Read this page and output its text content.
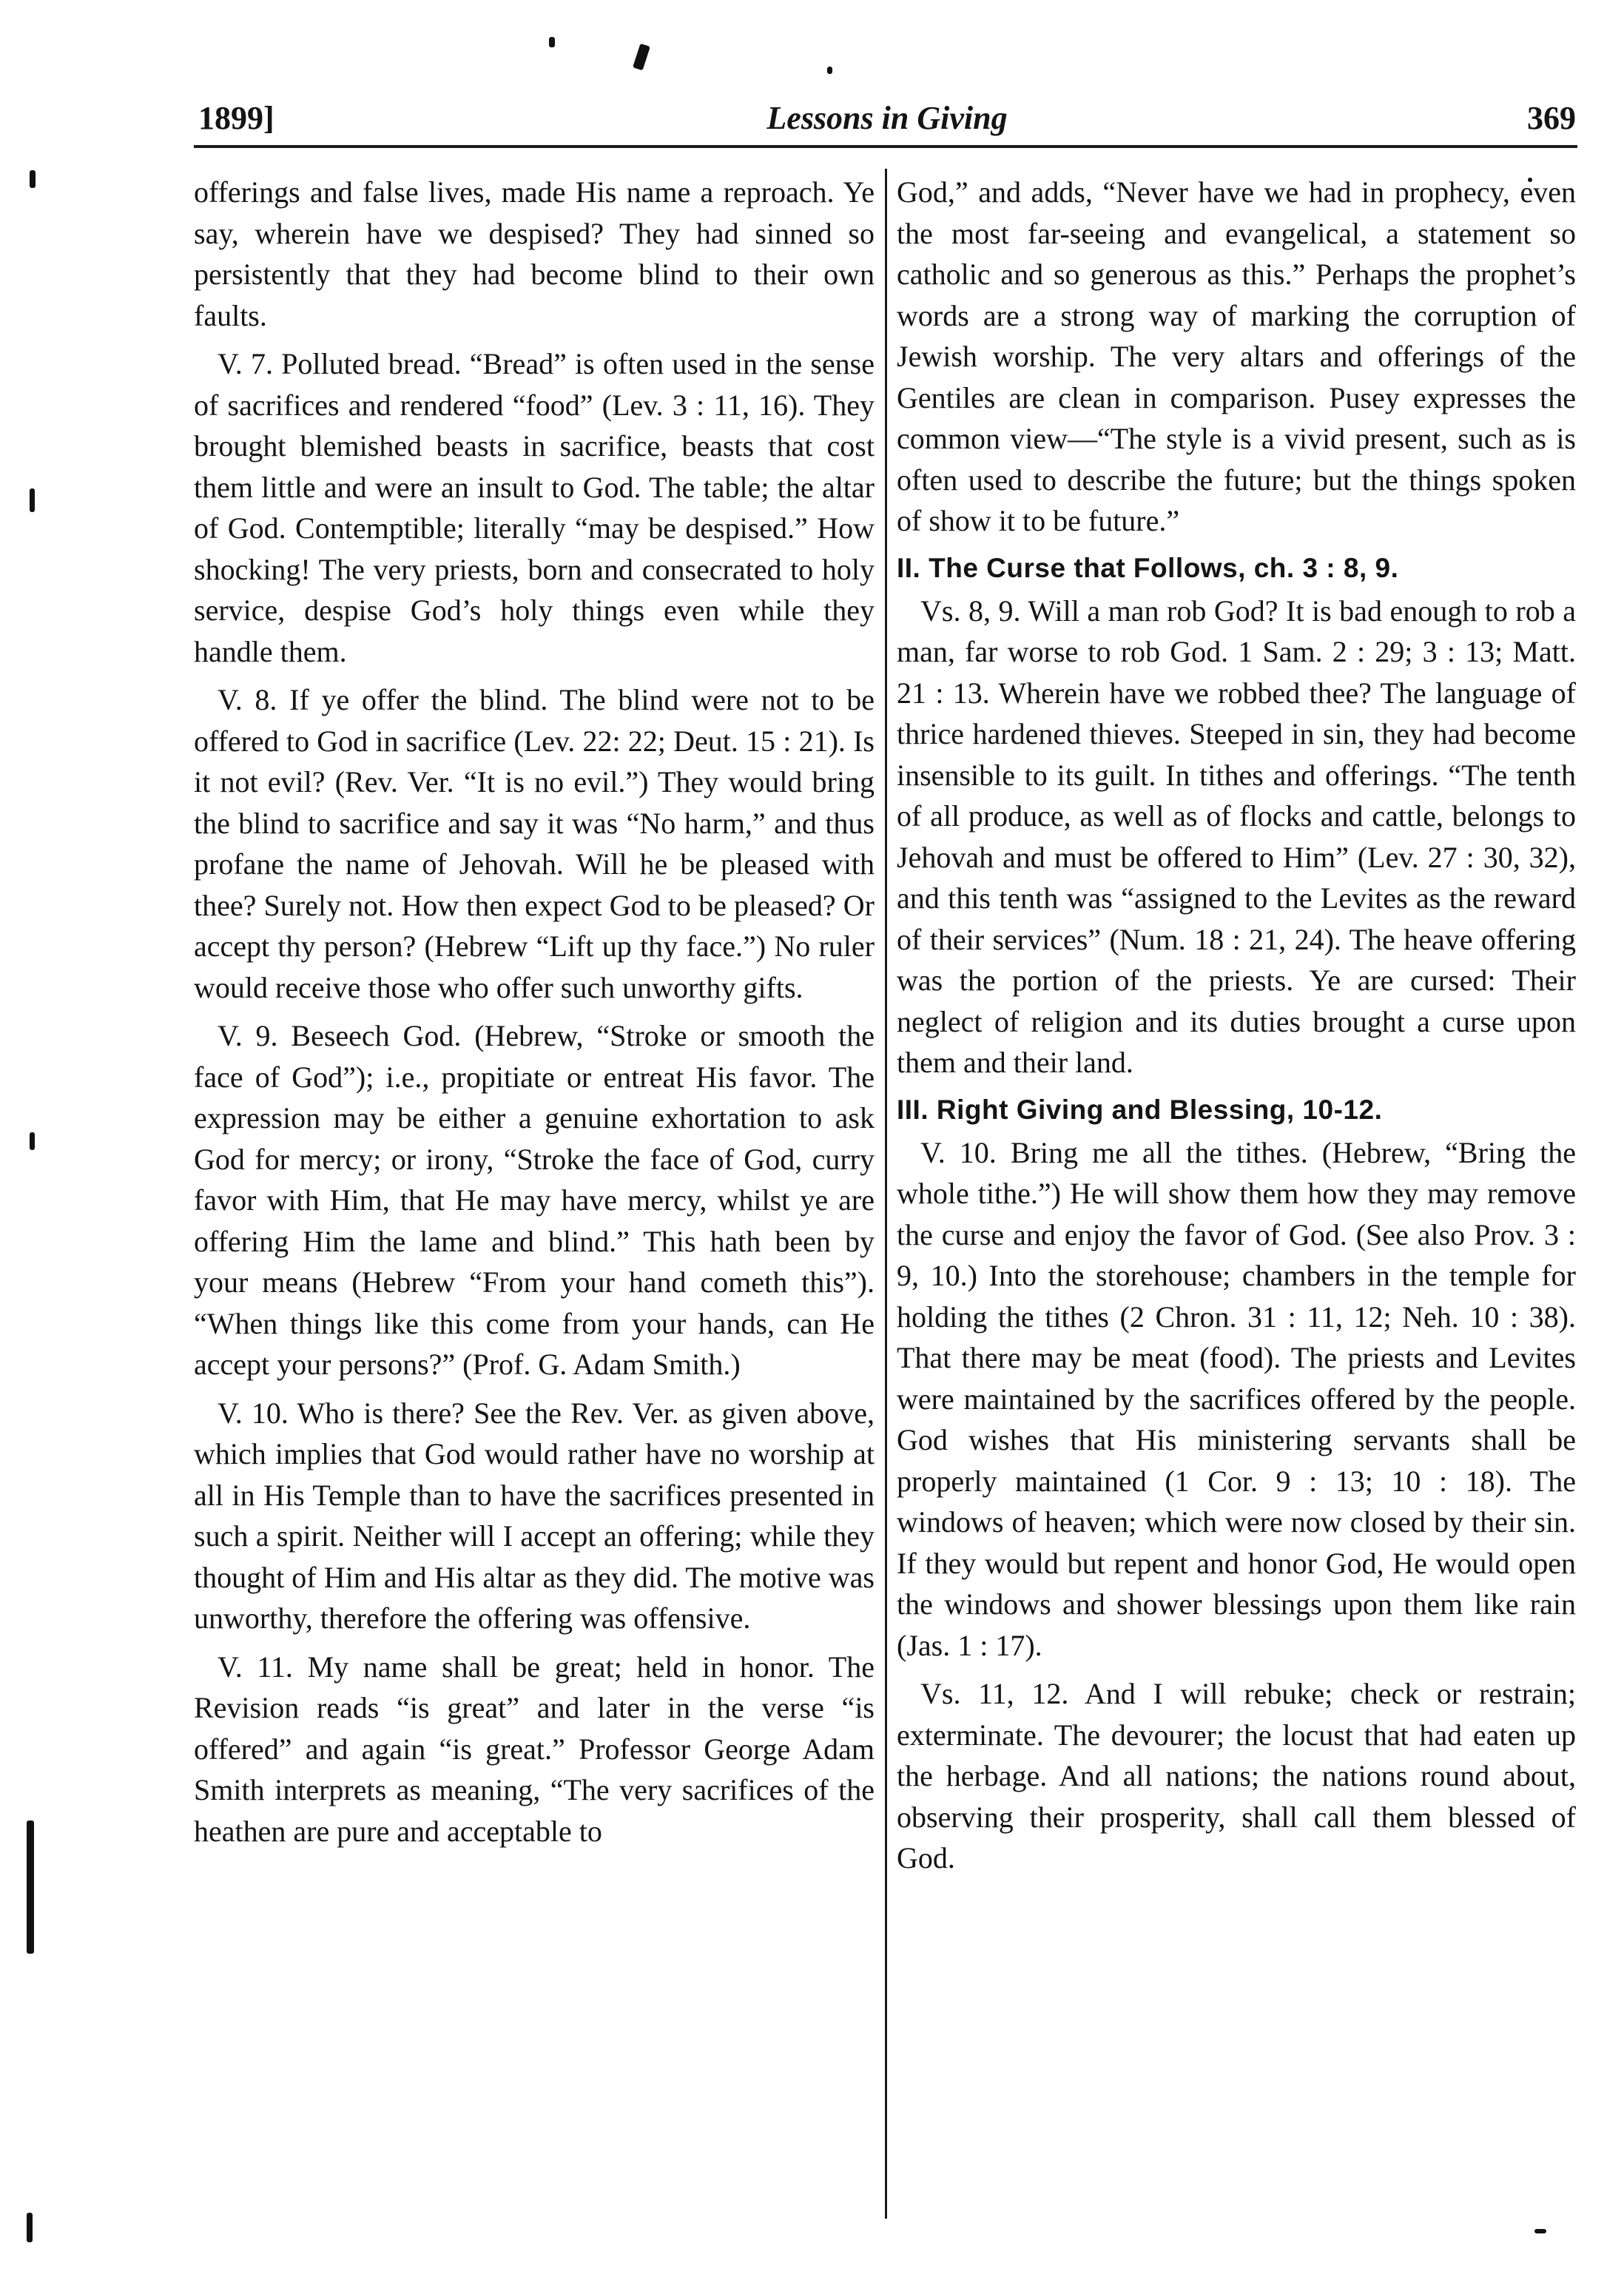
1899]	Lessons in Giving	369

offerings and false lives, made His name a reproach. Ye say, wherein have we despised? They had sinned so persistently that they had become blind to their own faults.

V. 7. Polluted bread. “Bread” is often used in the sense of sacrifices and rendered “food” (Lev. 3 : 11, 16). They brought blemished beasts in sacrifice, beasts that cost them little and were an insult to God. The table; the altar of God. Contemptible; literally “may be despised.” How shocking! The very priests, born and consecrated to holy service, despise God’s holy things even while they handle them.

V. 8. If ye offer the blind. The blind were not to be offered to God in sacrifice (Lev. 22: 22; Deut. 15 : 21). Is it not evil? (Rev. Ver. “It is no evil.”) They would bring the blind to sacrifice and say it was “No harm,” and thus profane the name of Jehovah. Will he be pleased with thee? Surely not. How then expect God to be pleased? Or accept thy person? (Hebrew “Lift up thy face.”) No ruler would receive those who offer such unworthy gifts.

V. 9. Beseech God. (Hebrew, “Stroke or smooth the face of God”); i.e., propitiate or entreat His favor. The expression may be either a genuine exhortation to ask God for mercy; or irony, “Stroke the face of God, curry favor with Him, that He may have mercy, whilst ye are offering Him the lame and blind.” This hath been by your means (Hebrew “From your hand cometh this”). “When things like this come from your hands, can He accept your persons?” (Prof. G. Adam Smith.)

V. 10. Who is there? See the Rev. Ver. as given above, which implies that God would rather have no worship at all in His Temple than to have the sacrifices presented in such a spirit. Neither will I accept an offering; while they thought of Him and His altar as they did. The motive was unworthy, therefore the offering was offensive.

V. 11. My name shall be great; held in honor. The Revision reads “is great” and later in the verse “is offered” and again “is great.” Professor George Adam Smith interprets as meaning, “The very sacrifices of the heathen are pure and acceptable to

God,” and adds, “Never have we had in prophecy, even the most far-seeing and evangelical, a statement so catholic and so generous as this.” Perhaps the prophet’s words are a strong way of marking the corruption of Jewish worship. The very altars and offerings of the Gentiles are clean in comparison. Pusey expresses the common view—“The style is a vivid present, such as is often used to describe the future; but the things spoken of show it to be future.”

II. The Curse that Follows, ch. 3 : 8, 9.

Vs. 8, 9. Will a man rob God? It is bad enough to rob a man, far worse to rob God. 1 Sam. 2 : 29; 3 : 13; Matt. 21 : 13. Wherein have we robbed thee? The language of thrice hardened thieves. Steeped in sin, they had become insensible to its guilt. In tithes and offerings. “The tenth of all produce, as well as of flocks and cattle, belongs to Jehovah and must be offered to Him” (Lev. 27 : 30, 32), and this tenth was “assigned to the Levites as the reward of their services” (Num. 18 : 21, 24). The heave offering was the portion of the priests. Ye are cursed: Their neglect of religion and its duties brought a curse upon them and their land.

III. Right Giving and Blessing, 10-12.

V. 10. Bring me all the tithes. (Hebrew, “Bring the whole tithe.”) He will show them how they may remove the curse and enjoy the favor of God. (See also Prov. 3 : 9, 10.) Into the storehouse; chambers in the temple for holding the tithes (2 Chron. 31 : 11, 12; Neh. 10 : 38). That there may be meat (food). The priests and Levites were maintained by the sacrifices offered by the people. God wishes that His ministering servants shall be properly maintained (1 Cor. 9 : 13; 10 : 18). The windows of heaven; which were now closed by their sin. If they would but repent and honor God, He would open the windows and shower blessings upon them like rain (Jas. 1 : 17).

Vs. 11, 12. And I will rebuke; check or restrain; exterminate. The devourer; the locust that had eaten up the herbage. And all nations; the nations round about, observing their prosperity, shall call them blessed of God.
